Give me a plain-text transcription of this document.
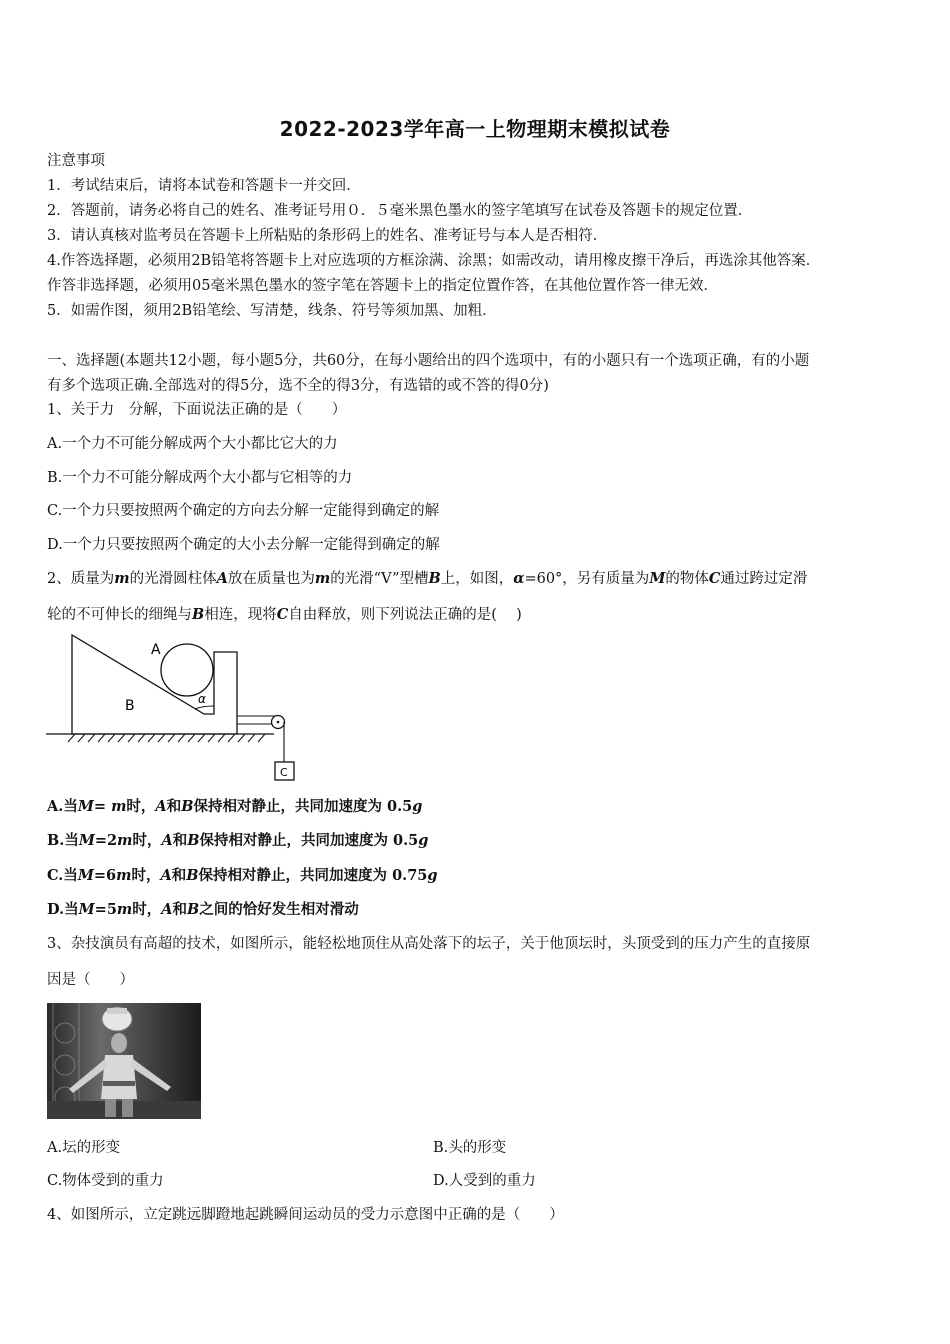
2022-2023学年高一上物理期末模拟试卷
注意事项
1．考试结束后，请将本试卷和答题卡一并交回．
2．答题前，请务必将自己的姓名、准考证号用０．５毫米黑色墨水的签字笔填写在试卷及答题卡的规定位置．
3．请认真核对监考员在答题卡上所粘贴的条形码上的姓名、准考证号与本人是否相符．
4.作答选择题，必须用2B铅笔将答题卡上对应选项的方框涂满、涂黑；如需改动，请用橡皮擦干净后，再选涂其他答案．
作答非选择题，必须用05毫米黑色墨水的签字笔在答题卡上的指定位置作答，在其他位置作答一律无效．
5．如需作图，须用2B铅笔绘、写清楚，线条、符号等须加黑、加粗．
一、选择题(本题共12小题，每小题5分，共60分，在每小题给出的四个选项中，有的小题只有一个选项正确，有的小题
有多个选项正确.全部选对的得5分，选不全的得3分，有选错的或不答的得0分)
1、关于力　分解，下面说法正确的是（　　）
A.一个力不可能分解成两个大小都比它大的力
B.一个力不可能分解成两个大小都与它相等的力
C.一个力只要按照两个确定的方向去分解一定能得到确定的解
D.一个力只要按照两个确定的大小去分解一定能得到确定的解
2、质量为m的光滑圆柱体A放在质量也为m的光滑“V”型槽B上，如图，α=60°，另有质量为M的物体C通过跨过定滑
轮的不可伸长的细绳与B相连，现将C自由释放，则下列说法正确的是(　 )
A
B
C
α
A.当M= m时，A和B保持相对静止，共同加速度为 0.5g
B.当M=2m时，A和B保持相对静止，共同加速度为 0.5g
C.当M=6m时，A和B保持相对静止，共同加速度为 0.75g
D.当M=5m时，A和B之间的恰好发生相对滑动
3、杂技演员有高超的技术，如图所示，能轻松地顶住从高处落下的坛子，关于他顶坛时，头顶受到的压力产生的直接原
因是（　　）
A.坛的形变	B.头的形变
C.物体受到的重力	D.人受到的重力
4、如图所示，立定跳远脚蹬地起跳瞬间运动员的受力示意图中正确的是（　　）
